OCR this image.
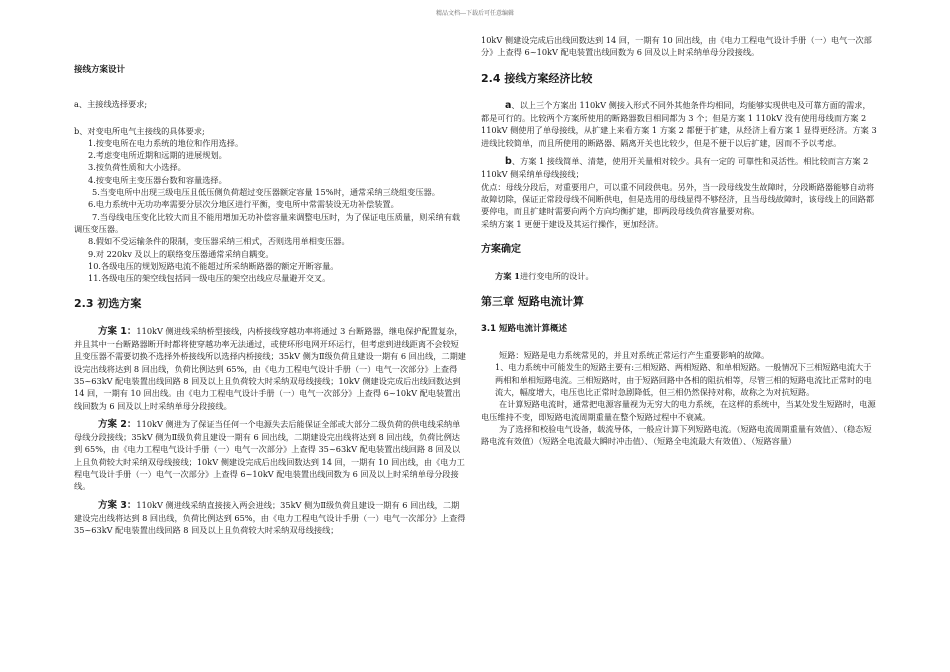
精品文档---下载后可任意编辑

接线方案设计

a、主接线选择要求;

b、对变电所电气主接线的具体要求;

1.按变电所在电力系统的地位和作用选择。

2.考虑变电所近期和远期的进展规划。

3.按负荷性质和大小选择。

4.按变电所主变压器台数和容量选择。

5.当变电所中出现三级电压且低压侧负荷超过变压器额定容量 15%时，通常采纳三绕组变压器。

6.电力系统中无功功率需要分层次分地区进行平衡，变电所中常需装设无功补偿装置。

7.当母线电压变化比较大而且不能用增加无功补偿容量来调整电压时，为了保证电压质量，则采纳有载调压变压器。

8.假如不受运输条件的限制，变压器采纳三相式，否则选用单相变压器。

9.对 220kv 及以上的联络变压器通常采纳自耦变。

10.各级电压的规划短路电流不能超过所采纳断路器的额定开断容量。

11.各级电压的架空线包括同一级电压的架空出线应尽量避开交叉。

2.3 初选方案

方案 1：110kV 侧进线采纳桥型接线，内桥接线穿越功率将通过 3 台断路器，继电保护配置复杂，并且其中一台断路器断开时都将使穿越功率无法通过，或使环形电网开环运行，但考虑到进线距离不会较短且变压器不需要切换不选择外桥接线所以选择内桥接线；35kV 侧为Ⅱ级负荷且建设一期有 6 回出线，二期建设完出线将达到 8 回出线，负荷比例达到 65%，由《电力工程电气设计手册（一）电气一次部分》上查得 35~63kV 配电装置出线回路 8 回及以上且负荷较大时采纳双母线接线；10kV 侧建设完成后出线回数达到 14 回，一期有 10 回出线。由《电力工程电气设计手册（一）电气一次部分》上查得 6~10kV 配电装置出线回数为 6 回及以上时采纳单母分段接线。

方案 2：110kV 侧进为了保证当任何一个电源失去后能保证全部或大部分二级负荷的供电线采纳单母线分段接线；35kV 侧为Ⅱ级负荷且建设一期有 6 回出线，二期建设完出线将达到 8 回出线，负荷比例达到 65%，由《电力工程电气设计手册（一）电气一次部分》上查得 35~63kV 配电装置出线回路 8 回及以上且负荷较大时采纳双母线接线；10kV 侧建设完成后出线回数达到 14 回，一期有 10 回出线，由《电力工程电气设计手册（一）电气一次部分》上查得 6~10kV 配电装置出线回数为 6 回及以上时采纳单母分段接线。

方案 3：110kV 侧进线采纳直接接入两会进线；35kV 侧为Ⅱ级负荷且建设一期有 6 回出线，二期建设完出线将达到 8 回出线，负荷比例达到 65%，由《电力工程电气设计手册（一）电气一次部分》上查得 35~63kV 配电装置出线回路 8 回及以上且负荷较大时采纳双母线接线；

10kV 侧建设完成后出线回数达到 14 回，一期有 10 回出线，由《电力工程电气设计手册（一）电气一次部分》上查得 6~10kV 配电装置出线回数为 6 回及以上时采纳单母分段接线。

2.4 接线方案经济比较

a、以上三个方案出 110kV 侧接入形式不同外其他条件均相同，均能够实现供电及可靠方面的需求，都是可行的。比较两个方案所使用的断路器数目相同都为 3 个；但是方案 1 110kV 没有使用母线而方案 2 110kV 侧使用了单母接线，从扩建上来看方案 1 方案 2 都便于扩建，从经济上看方案 1 显得更经济。方案 3 进线比较简单，而且所使用的断路器、隔离开关也比较少，但是不便于以后扩建，因而不予以考虑。

b、方案 1 接线简单、清楚，使用开关量相对较少。具有一定的 可靠性和灵活性。相比较而言方案 2 110kV 侧采纳单母线接线；

优点：母线分段后，对重要用户，可以重不同段供电。另外，当一段母线发生故障时，分段断路器能够自动将故障切除，保证正常段母线不间断供电，但是选用的母线显得不够经济，且当母线故障时，该母线上的回路都要停电，而且扩建时需要向两个方向均衡扩建，即两段母线负荷容量要对称。

采纳方案 1 更便于建设及其运行操作，更加经济。

方案确定

方案 1进行变电所的设计。

第三章 短路电流计算

3.1 短路电流计算概述

短路：短路是电力系统常见的，并且对系统正常运行产生重要影响的故障。

1、电力系统中可能发生的短路主要有:三相短路、两相短路、和单相短路。一般情况下三相短路电流大于两相和单相短路电流。三相短路时，由于短路回路中各相的阻抗相等，尽管三相的短路电流比正常时的电流大，幅度增大，电压也比正常时急剧降低，但三相仍然保持对称，故称之为对抗短路。

在计算短路电流时，通常把电源容量视为无穷大的电力系统，在这样的系统中，当某处发生短路时，电源电压维持不变，即短路电流周期重量在整个短路过程中不衰减。

为了选择和校验电气设备，载流导体，一般应计算下列短路电流。（短路电流周期重量有效值）、（稳态短路电流有效值）（短路全电流最大瞬时冲击值）、（短路全电流最大有效值）、（短路容量）
